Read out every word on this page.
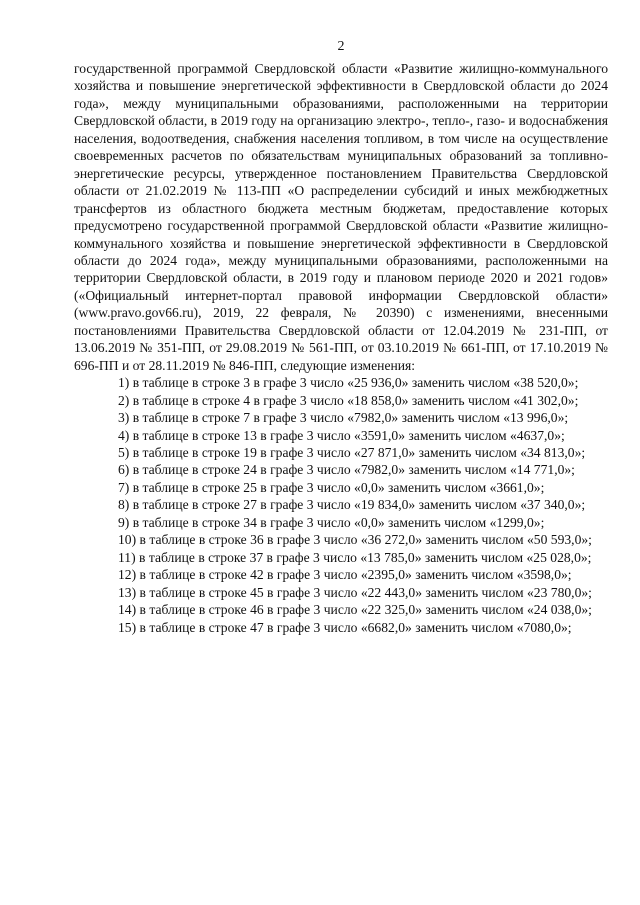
2

государственной программой Свердловской области «Развитие жилищно-коммунального хозяйства и повышение энергетической эффективности в Свердловской области до 2024 года», между муниципальными образованиями, расположенными на территории Свердловской области, в 2019 году на организацию электро-, тепло-, газо- и водоснабжения населения, водоотведения, снабжения населения топливом, в том числе на осуществление своевременных расчетов по обязательствам муниципальных образований за топливно-энергетические ресурсы, утвержденное постановлением Правительства Свердловской области от 21.02.2019 № 113-ПП «О распределении субсидий и иных межбюджетных трансфертов из областного бюджета местным бюджетам, предоставление которых предусмотрено государственной программой Свердловской области «Развитие жилищно-коммунального хозяйства и повышение энергетической эффективности в Свердловской области до 2024 года», между муниципальными образованиями, расположенными на территории Свердловской области, в 2019 году и плановом периоде 2020 и 2021 годов» («Официальный интернет-портал правовой информации Свердловской области» (www.pravo.gov66.ru), 2019, 22 февраля, № 20390) с изменениями, внесенными постановлениями Правительства Свердловской области от 12.04.2019 № 231-ПП, от 13.06.2019 № 351-ПП, от 29.08.2019 № 561-ПП, от 03.10.2019 № 661-ПП, от 17.10.2019 № 696-ПП и от 28.11.2019 № 846-ПП, следующие изменения:

1) в таблице в строке 3 в графе 3 число «25 936,0» заменить числом «38 520,0»;
2) в таблице в строке 4 в графе 3 число «18 858,0» заменить числом «41 302,0»;
3) в таблице в строке 7 в графе 3 число «7982,0» заменить числом «13 996,0»;
4) в таблице в строке 13 в графе 3 число «3591,0» заменить числом «4637,0»;
5) в таблице в строке 19 в графе 3 число «27 871,0» заменить числом «34 813,0»;
6) в таблице в строке 24 в графе 3 число «7982,0» заменить числом «14 771,0»;
7) в таблице в строке 25 в графе 3 число «0,0» заменить числом «3661,0»;
8) в таблице в строке 27 в графе 3 число «19 834,0» заменить числом «37 340,0»;
9) в таблице в строке 34 в графе 3 число «0,0» заменить числом «1299,0»;
10) в таблице в строке 36 в графе 3 число «36 272,0» заменить числом «50 593,0»;
11) в таблице в строке 37 в графе 3 число «13 785,0» заменить числом «25 028,0»;
12) в таблице в строке 42 в графе 3 число «2395,0» заменить числом «3598,0»;
13) в таблице в строке 45 в графе 3 число «22 443,0» заменить числом «23 780,0»;
14) в таблице в строке 46 в графе 3 число «22 325,0» заменить числом «24 038,0»;
15) в таблице в строке 47 в графе 3 число «6682,0» заменить числом «7080,0»;
